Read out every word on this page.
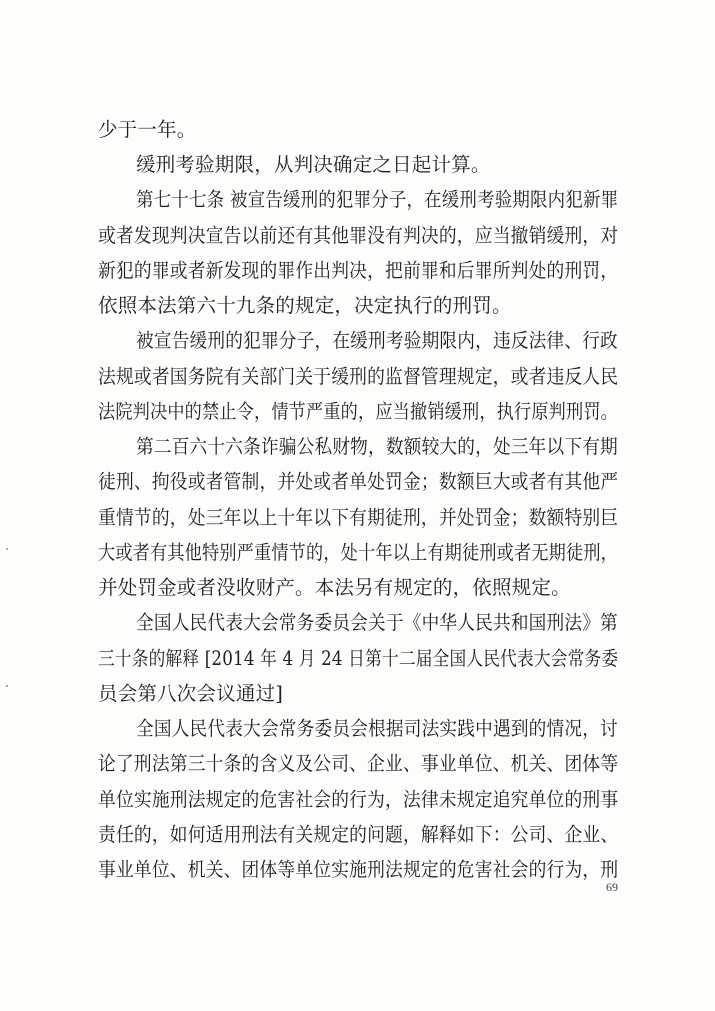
少于一年。
缓刑考验期限，从判决确定之日起计算。
第七十七条 被宣告缓刑的犯罪分子，在缓刑考验期限内犯新罪
或者发现判决宣告以前还有其他罪没有判决的，应当撤销缓刑，对
新犯的罪或者新发现的罪作出判决，把前罪和后罪所判处的刑罚，
依照本法第六十九条的规定，决定执行的刑罚。
被宣告缓刑的犯罪分子，在缓刑考验期限内，违反法律、行政
法规或者国务院有关部门关于缓刑的监督管理规定，或者违反人民
法院判决中的禁止令，情节严重的，应当撤销缓刑，执行原判刑罚。
第二百六十六条诈骗公私财物，数额较大的，处三年以下有期
徒刑、拘役或者管制，并处或者单处罚金；数额巨大或者有其他严
重情节的，处三年以上十年以下有期徒刑，并处罚金；数额特别巨
大或者有其他特别严重情节的，处十年以上有期徒刑或者无期徒刑，
并处罚金或者没收财产。本法另有规定的，依照规定。
全国人民代表大会常务委员会关于《中华人民共和国刑法》第
三十条的解释 [2014 年 4 月 24 日第十二届全国人民代表大会常务委
员会第八次会议通过]
全国人民代表大会常务委员会根据司法实践中遇到的情况，讨
论了刑法第三十条的含义及公司、企业、事业单位、机关、团体等
单位实施刑法规定的危害社会的行为，法律未规定追究单位的刑事
责任的，如何适用刑法有关规定的问题，解释如下：公司、企业、
事业单位、机关、团体等单位实施刑法规定的危害社会的行为，刑
69
